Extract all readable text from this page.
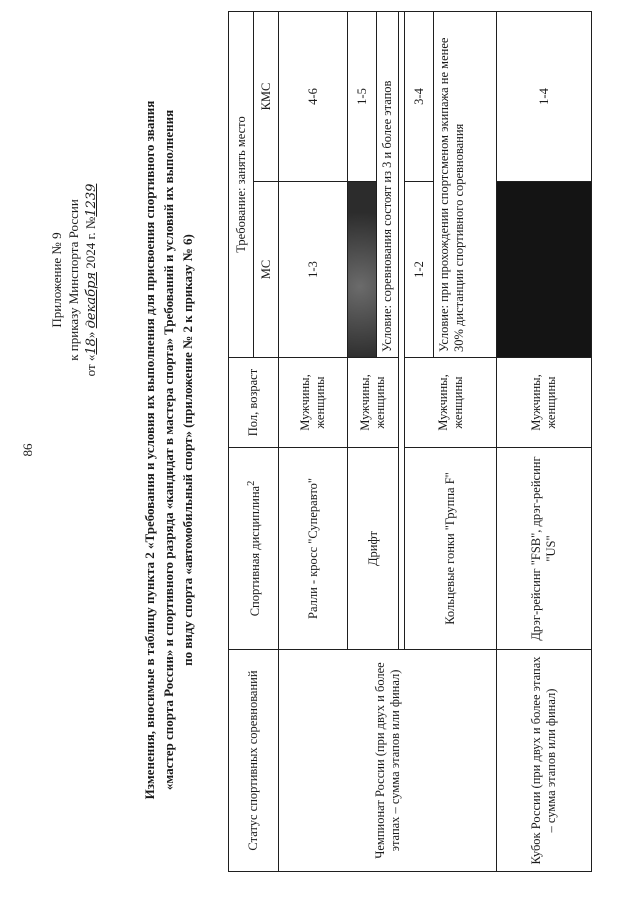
86
Приложение № 9 к приказу Минспорта России
от «18» декабря 2024 г. №1239	Изменения, вносимые в таблицу пункта 2 «Требования и условия их выполнения для присвоения спортивного звания «мастер спорта России» и спортивного разряда «кандидат в мастера спорта» Требований и условий их выполнения по виду спорта «автомобильный спорт» (приложение № 2 к приказу № 6)
Статус спортивных соревнований	Спортивная дисциплина$^2$	Пол, возраст	Требование: занять место	
			МС	КМС
Чемпионат России (при двух и более этапах – сумма этапов или финал)	Ралли - кросс "Суперавто"	Мужчины, женщины	1-3	4-6
	Дрифт	Мужчины, женщины		1-5
			Условие: соревнования состоят из 3 и более этапов	

	Кольцевые гонки "Группа F"	Мужчины, женщины	1-2	3-4
			Условие: при прохождении спортсменом экипажа не менее 30% дистанции спортивного соревнования	
Кубок России (при двух и более этапах – сумма этапов или финал)	Дрэг-рейсинг "FSB", дрэг-рейсинг "US"	Мужчины, женщины		1-4
